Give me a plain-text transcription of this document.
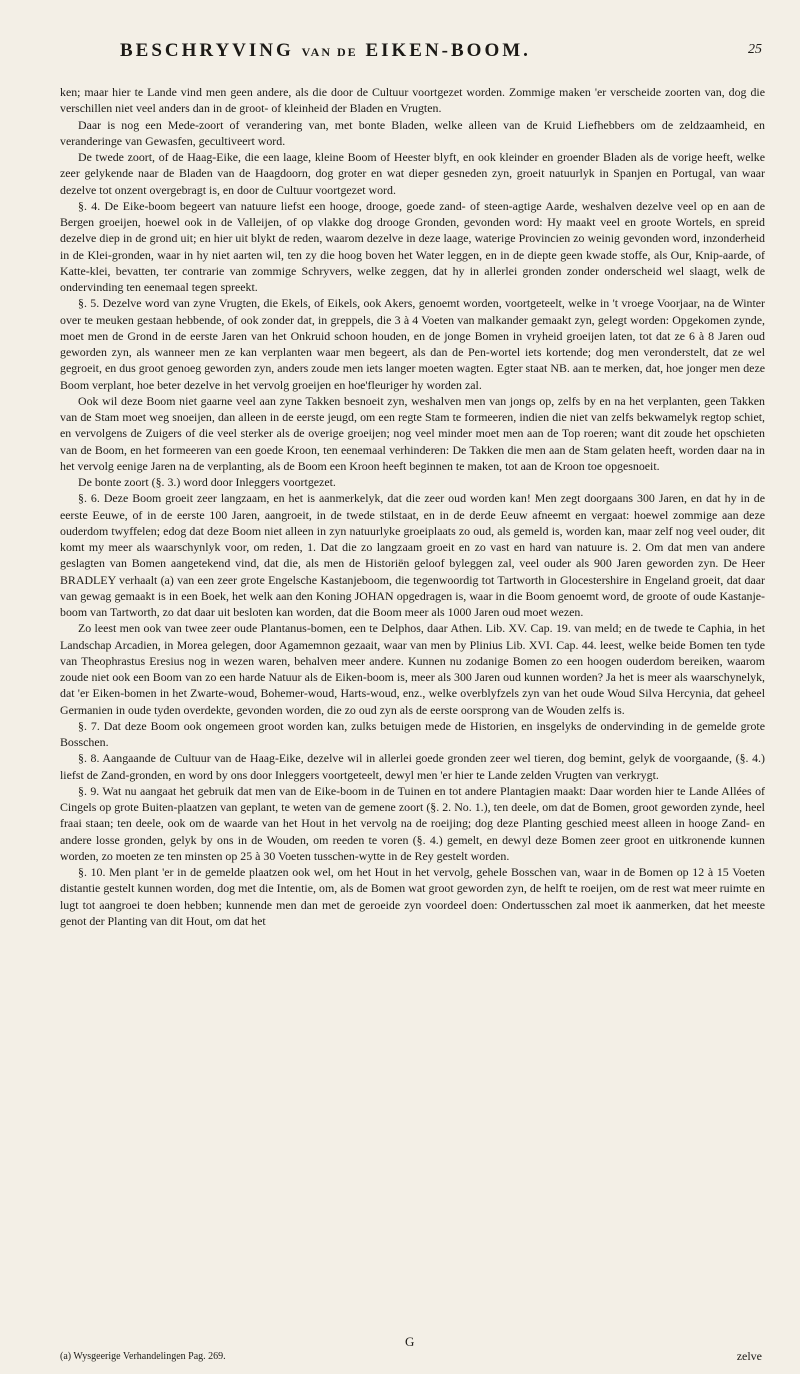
BESCHRYVING VAN DE EIKEN-BOOM.	25

ken; maar hier te Lande vind men geen andere, als die door de Cultuur voortgezet worden. Zommige maken 'er verscheide zoorten van, dog die verschillen niet veel anders dan in de groot- of kleinheid der Bladen en Vrugten.

Daar is nog een Mede-zoort of verandering van, met bonte Bladen, welke alleen van de Kruid Liefhebbers om de zeldzaamheid, en veranderinge van Gewasfen, gecultiveert word.

De twede zoort, of de Haag-Eike, die een laage, kleine Boom of Heester blyft, en ook kleinder en groender Bladen als de vorige heeft, welke zeer gelykende naar de Bladen van de Haagdoorn, dog groter en wat dieper gesneden zyn, groeit natuurlyk in Spanjen en Portugal, van waar dezelve tot onzent overgebragt is, en door de Cultuur voortgezet word.

§. 4. De Eike-boom begeert van natuure liefst een hooge, drooge, goede zand- of steen-agtige Aarde, weshalven dezelve veel op en aan de Bergen groeijen, hoewel ook in de Valleijen, of op vlakke dog drooge Gronden, gevonden word: Hy maakt veel en groote Wortels, en spreid dezelve diep in de grond uit; en hier uit blykt de reden, waarom dezelve in deze laage, waterige Provincien zo weinig gevonden word, inzonderheid in de Klei-gronden, waar in hy niet aarten wil, ten zy die hoog boven het Water leggen, en in de diepte geen kwade stoffe, als Our, Knip-aarde, of Katte-klei, bevatten, ter contrarie van zommige Schryvers, welke zeggen, dat hy in allerlei gronden zonder onderscheid wel slaagt, welk de ondervinding ten eenemaal tegen spreekt.

§. 5. Dezelve word van zyne Vrugten, die Ekels, of Eikels, ook Akers, genoemt worden, voortgeteelt, welke in 't vroege Voorjaar, na de Winter over te meuken gestaan hebbende, of ook zonder dat, in greppels, die 3 à 4 Voeten van malkander gemaakt zyn, gelegt worden: Opgekomen zynde, moet men de Grond in de eerste Jaren van het Onkruid schoon houden, en de jonge Bomen in vryheid groeijen laten, tot dat ze 6 à 8 Jaren oud geworden zyn, als wanneer men ze kan verplanten waar men begeert, als dan de Pen-wortel iets kortende; dog men veronderstelt, dat ze wel gegroeit, en dus groot genoeg geworden zyn, anders zoude men iets langer moeten wagten. Egter staat NB. aan te merken, dat, hoe jonger men deze Boom verplant, hoe beter dezelve in het vervolg groeijen en hoe'fleuriger hy worden zal.

Ook wil deze Boom niet gaarne veel aan zyne Takken besnoeit zyn, weshalven men van jongs op, zelfs by en na het verplanten, geen Takken van de Stam moet weg snoeijen, dan alleen in de eerste jeugd, om een regte Stam te formeeren, indien die niet van zelfs bekwamelyk regtop schiet, en vervolgens de Zuigers of die veel sterker als de overige groeijen; nog veel minder moet men aan de Top roeren; want dit zoude het opschieten van de Boom, en het formeeren van een goede Kroon, ten eenemaal verhinderen: De Takken die men aan de Stam gelaten heeft, worden daar na in het vervolg eenige Jaren na de verplanting, als de Boom een Kroon heeft beginnen te maken, tot aan de Kroon toe opgesnoeit.

De bonte zoort (§. 3.) word door Inleggers voortgezet.

§. 6. Deze Boom groeit zeer langzaam, en het is aanmerkelyk, dat die zeer oud worden kan! Men zegt doorgaans 300 Jaren, en dat hy in de eerste Eeuwe, of in de eerste 100 Jaren, aangroeit, in de twede stilstaat, en in de derde Eeuw afneemt en vergaat: hoewel zommige aan deze ouderdom twyffelen; edog dat deze Boom niet alleen in zyn natuurlyke groeiplaats zo oud, als gemeld is, worden kan, maar zelf nog veel ouder, dit komt my meer als waarschynlyk voor, om reden, 1. Dat die zo langzaam groeit en zo vast en hard van natuure is. 2. Om dat men van andere geslagten van Bomen aangetekend vind, dat die, als men de Historiën geloof byleggen zal, veel ouder als 900 Jaren geworden zyn. De Heer BRADLEY verhaalt (a) van een zeer grote Engelsche Kastanjeboom, die tegenwoordig tot Tartworth in Glocestershire in Engeland groeit, dat daar van gewag gemaakt is in een Boek, het welk aan den Koning JOHAN opgedragen is, waar in die Boom genoemt word, de groote of oude Kastanje-boom van Tartworth, zo dat daar uit besloten kan worden, dat die Boom meer als 1000 Jaren oud moet wezen.

Zo leest men ook van twee zeer oude Plantanus-bomen, een te Delphos, daar Athen. Lib. XV. Cap. 19. van meld; en de twede te Caphia, in het Landschap Arcadien, in Morea gelegen, door Agamemnon gezaait, waar van men by Plinius Lib. XVI. Cap. 44. leest, welke beide Bomen ten tyde van Theophrastus Eresius nog in wezen waren, behalven meer andere. Kunnen nu zodanige Bomen zo een hoogen ouderdom bereiken, waarom zoude niet ook een Boom van zo een harde Natuur als de Eiken-boom is, meer als 300 Jaren oud kunnen worden? Ja het is meer als waarschynelyk, dat 'er Eiken-bomen in het Zwarte-woud, Bohemer-woud, Harts-woud, enz., welke overblyfzels zyn van het oude Woud Silva Hercynia, dat geheel Germanien in oude tyden overdekte, gevonden worden, die zo oud zyn als de eerste oorsprong van de Wouden zelfs is.

§. 7. Dat deze Boom ook ongemeen groot worden kan, zulks betuigen mede de Historien, en insgelyks de ondervinding in de gemelde grote Bosschen.

§. 8. Aangaande de Cultuur van de Haag-Eike, dezelve wil in allerlei goede gronden zeer wel tieren, dog bemint, gelyk de voorgaande, (§. 4.) liefst de Zand-gronden, en word by ons door Inleggers voortgeteelt, dewyl men 'er hier te Lande zelden Vrugten van verkrygt.

§. 9. Wat nu aangaat het gebruik dat men van de Eike-boom in de Tuinen en tot andere Plantagien maakt: Daar worden hier te Lande Allées of Cingels op grote Buiten-plaatzen van geplant, te weten van de gemene zoort (§. 2. No. 1.), ten deele, om dat de Bomen, groot geworden zynde, heel fraai staan; ten deele, ook om de waarde van het Hout in het vervolg na de roeijing; dog deze Planting geschied meest alleen in hooge Zand- en andere losse gronden, gelyk by ons in de Wouden, om reeden te voren (§. 4.) gemelt, en dewyl deze Bomen zeer groot en uitkronende kunnen worden, zo moeten ze ten minsten op 25 à 30 Voeten tusschen-wytte in de Rey gestelt worden.

§. 10. Men plant 'er in de gemelde plaatzen ook wel, om het Hout in het vervolg, gehele Bosschen van, waar in de Bomen op 12 à 15 Voeten distantie gestelt kunnen worden, dog met die Intentie, om, als de Bomen wat groot geworden zyn, de helft te roeijen, om de rest wat meer ruimte en lugt tot aangroei te doen hebben; kunnende men dan met de geroeide zyn voordeel doen: Ondertusschen zal moet ik aanmerken, dat het meeste genot der Planting van dit Hout, om dat het

G
zelve
(a) Wysgeerige Verhandelingen Pag. 269.
